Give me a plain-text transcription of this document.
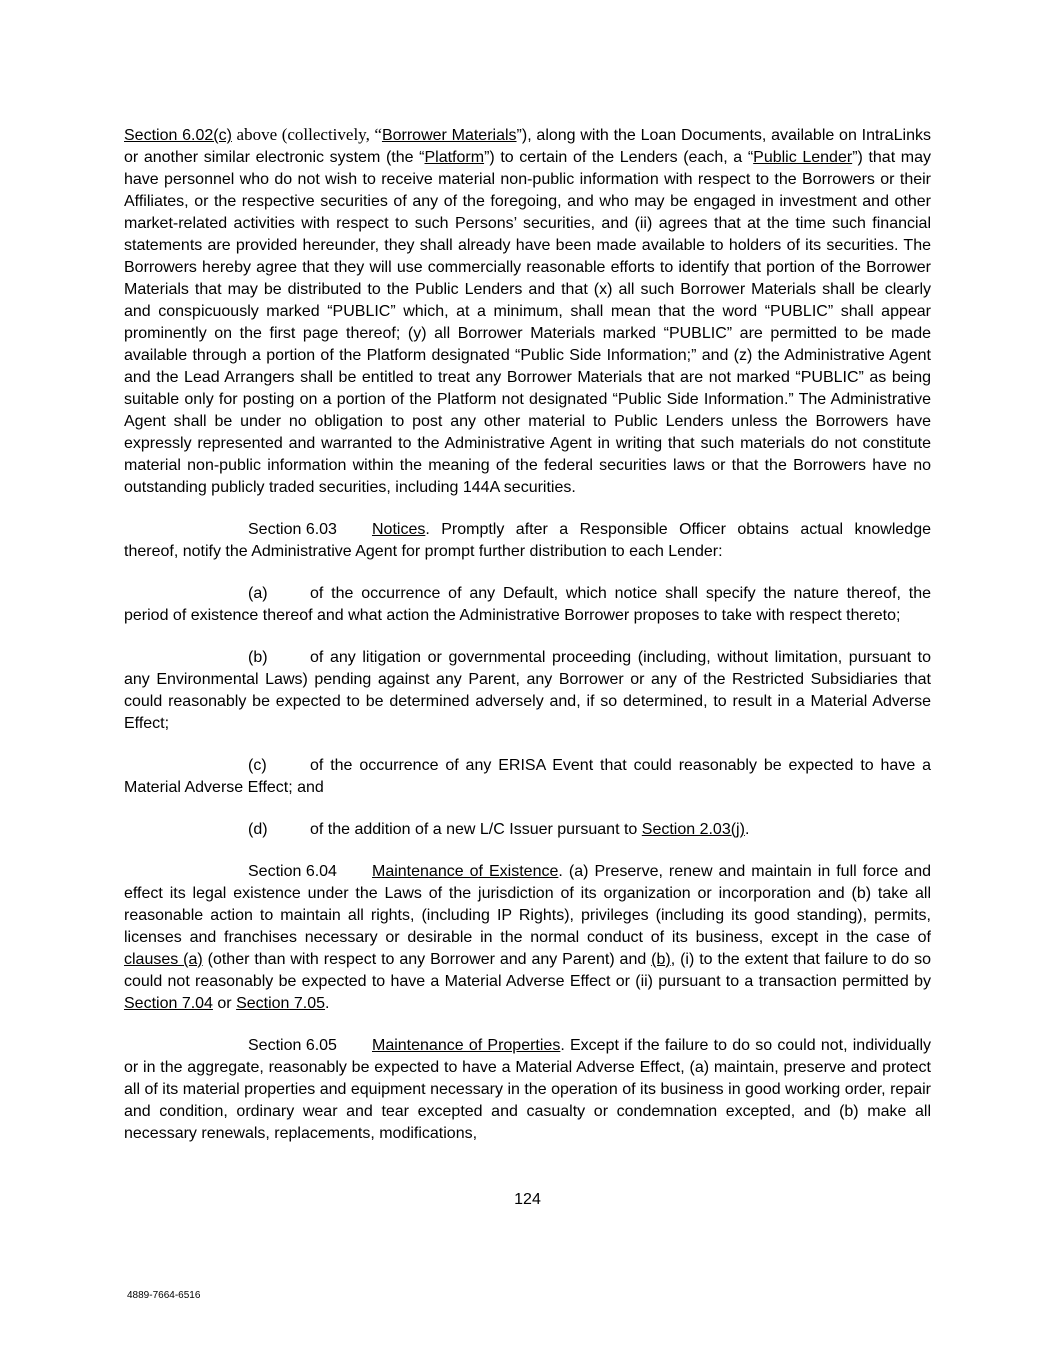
Section 6.02(c) above (collectively, “Borrower Materials”), along with the Loan Documents, available on IntraLinks or another similar electronic system (the “Platform”) to certain of the Lenders (each, a “Public Lender”) that may have personnel who do not wish to receive material non-public information with respect to the Borrowers or their Affiliates, or the respective securities of any of the foregoing, and who may be engaged in investment and other market-related activities with respect to such Persons’ securities, and (ii) agrees that at the time such financial statements are provided hereunder, they shall already have been made available to holders of its securities. The Borrowers hereby agree that they will use commercially reasonable efforts to identify that portion of the Borrower Materials that may be distributed to the Public Lenders and that (x) all such Borrower Materials shall be clearly and conspicuously marked “PUBLIC” which, at a minimum, shall mean that the word “PUBLIC” shall appear prominently on the first page thereof; (y) all Borrower Materials marked “PUBLIC” are permitted to be made available through a portion of the Platform designated “Public Side Information;” and (z) the Administrative Agent and the Lead Arrangers shall be entitled to treat any Borrower Materials that are not marked “PUBLIC” as being suitable only for posting on a portion of the Platform not designated “Public Side Information.” The Administrative Agent shall be under no obligation to post any other material to Public Lenders unless the Borrowers have expressly represented and warranted to the Administrative Agent in writing that such materials do not constitute material non-public information within the meaning of the federal securities laws or that the Borrowers have no outstanding publicly traded securities, including 144A securities.

Section 6.03 Notices. Promptly after a Responsible Officer obtains actual knowledge thereof, notify the Administrative Agent for prompt further distribution to each Lender:

(a)	of the occurrence of any Default, which notice shall specify the nature thereof, the period of existence thereof and what action the Administrative Borrower proposes to take with respect thereto;

(b)	of any litigation or governmental proceeding (including, without limitation, pursuant to any Environmental Laws) pending against any Parent, any Borrower or any of the Restricted Subsidiaries that could reasonably be expected to be determined adversely and, if so determined, to result in a Material Adverse Effect;

(c)	of the occurrence of any ERISA Event that could reasonably be expected to have a Material Adverse Effect; and

(d)	of the addition of a new L/C Issuer pursuant to Section 2.03(j).

Section 6.04 Maintenance of Existence. (a) Preserve, renew and maintain in full force and effect its legal existence under the Laws of the jurisdiction of its organization or incorporation and (b) take all reasonable action to maintain all rights, (including IP Rights), privileges (including its good standing), permits, licenses and franchises necessary or desirable in the normal conduct of its business, except in the case of clauses (a) (other than with respect to any Borrower and any Parent) and (b), (i) to the extent that failure to do so could not reasonably be expected to have a Material Adverse Effect or (ii) pursuant to a transaction permitted by Section 7.04 or Section 7.05.

Section 6.05 Maintenance of Properties. Except if the failure to do so could not, individually or in the aggregate, reasonably be expected to have a Material Adverse Effect, (a) maintain, preserve and protect all of its material properties and equipment necessary in the operation of its business in good working order, repair and condition, ordinary wear and tear excepted and casualty or condemnation excepted, and (b) make all necessary renewals, replacements, modifications,

124
4889-7664-6516
